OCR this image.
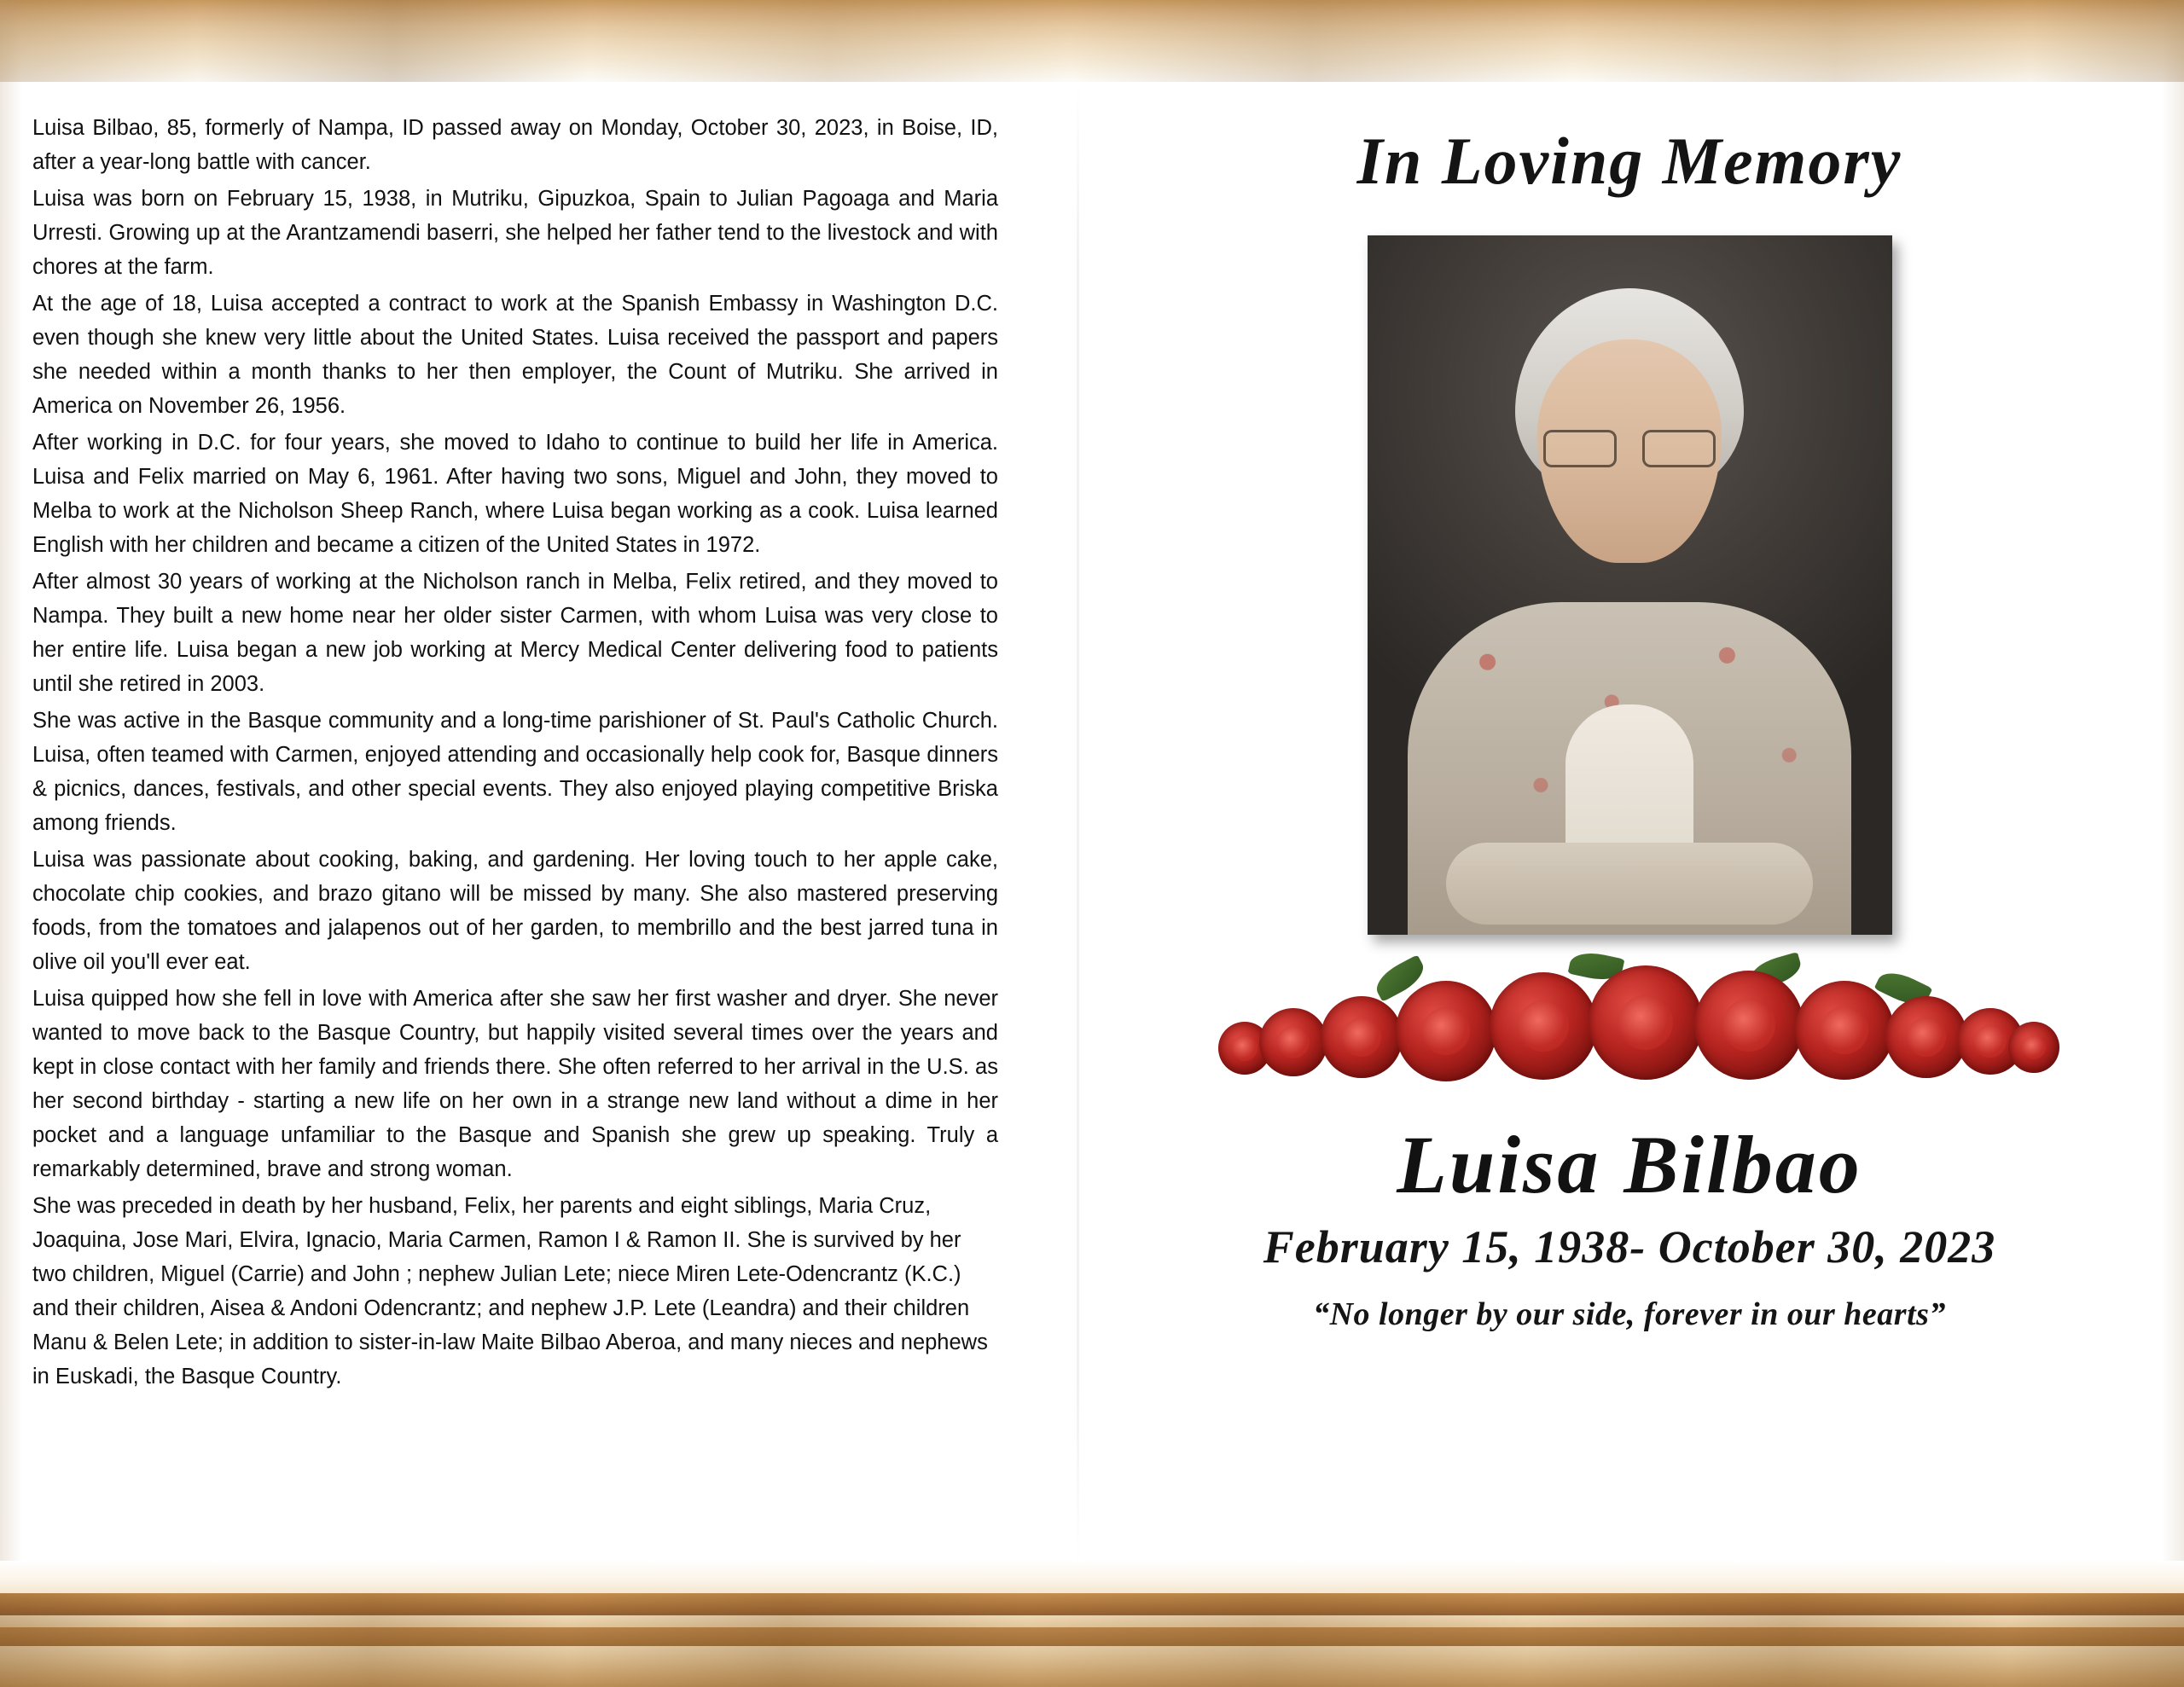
Luisa Bilbao, 85, formerly of Nampa, ID passed away on Monday, October 30, 2023, in Boise, ID, after a year-long battle with cancer.

Luisa was born on February 15, 1938, in Mutriku, Gipuzkoa, Spain to Julian Pagoaga and Maria Urresti. Growing up at the Arantzamendi baserri, she helped her father tend to the livestock and with chores at the farm.

At the age of 18, Luisa accepted a contract to work at the Spanish Embassy in Washington D.C. even though she knew very little about the United States. Luisa received the passport and papers she needed within a month thanks to her then employer, the Count of Mutriku. She arrived in America on November 26, 1956.

After working in D.C. for four years, she moved to Idaho to continue to build her life in America. Luisa and Felix married on May 6, 1961. After having two sons, Miguel and John, they moved to Melba to work at the Nicholson Sheep Ranch, where Luisa began working as a cook. Luisa learned English with her children and became a citizen of the United States in 1972.

After almost 30 years of working at the Nicholson ranch in Melba, Felix retired, and they moved to Nampa. They built a new home near her older sister Carmen, with whom Luisa was very close to her entire life. Luisa began a new job working at Mercy Medical Center delivering food to patients until she retired in 2003.

She was active in the Basque community and a long-time parishioner of St. Paul's Catholic Church. Luisa, often teamed with Carmen, enjoyed attending and occasionally help cook for, Basque dinners & picnics, dances, festivals, and other special events. They also enjoyed playing competitive Briska among friends.

Luisa was passionate about cooking, baking, and gardening. Her loving touch to her apple cake, chocolate chip cookies, and brazo gitano will be missed by many. She also mastered preserving foods, from the tomatoes and jalapenos out of her garden, to membrillo and the best jarred tuna in olive oil you'll ever eat.

Luisa quipped how she fell in love with America after she saw her first washer and dryer. She never wanted to move back to the Basque Country, but happily visited several times over the years and kept in close contact with her family and friends there. She often referred to her arrival in the U.S. as her second birthday - starting a new life on her own in a strange new land without a dime in her pocket and a language unfamiliar to the Basque and Spanish she grew up speaking. Truly a remarkably determined, brave and strong woman.

She was preceded in death by her husband, Felix, her parents and eight siblings, Maria Cruz, Joaquina, Jose Mari, Elvira, Ignacio, Maria Carmen, Ramon I & Ramon II. She is survived by her two children, Miguel (Carrie) and John ; nephew Julian Lete; niece Miren Lete-Odencrantz (K.C.) and their children, Aisea & Andoni Odencrantz; and nephew J.P. Lete (Leandra) and their children Manu & Belen Lete; in addition to sister-in-law Maite Bilbao Aberoa, and many nieces and nephews in Euskadi, the Basque Country.

In Loving Memory
Luisa Bilbao
February 15, 1938- October 30, 2023
“No longer by our side, forever in our hearts”
